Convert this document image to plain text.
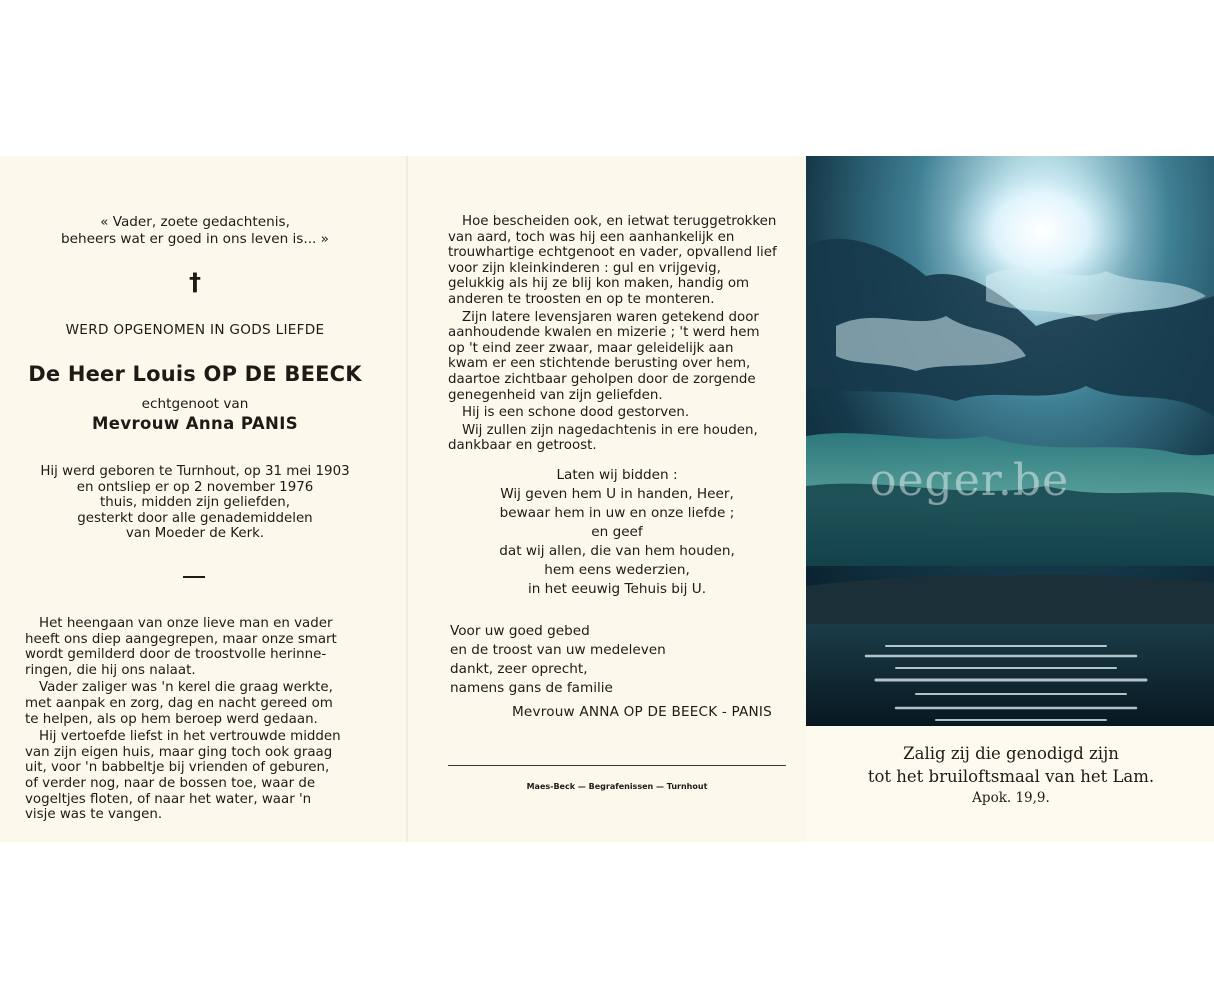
« Vader, zoete gedachtenis,
beheers wat er goed in ons leven is... »
†
WERD OPGENOMEN IN GODS LIEFDE
De Heer Louis OP DE BEECK
echtgenoot van
Mevrouw Anna PANIS
Hij werd geboren te Turnhout, op 31 mei 1903
en ontsliep er op 2 november 1976
thuis, midden zijn geliefden,
gesterkt door alle genademiddelen
van Moeder de Kerk.
Het heengaan van onze lieve man en vader
heeft ons diep aangegrepen, maar onze smart
wordt gemilderd door de troostvolle herinne-
ringen, die hij ons nalaat.
Vader zaliger was 'n kerel die graag werkte,
met aanpak en zorg, dag en nacht gereed om
te helpen, als op hem beroep werd gedaan.
Hij vertoefde liefst in het vertrouwde midden
van zijn eigen huis, maar ging toch ook graag
uit, voor 'n babbeltje bij vrienden of geburen,
of verder nog, naar de bossen toe, waar de
vogeltjes floten, of naar het water, waar 'n
visje was te vangen.
Hoe bescheiden ook, en ietwat teruggetrokken
van aard, toch was hij een aanhankelijk en
trouwhartige echtgenoot en vader, opvallend lief
voor zijn kleinkinderen : gul en vrijgevig,
gelukkig als hij ze blij kon maken, handig om
anderen te troosten en op te monteren.
Zijn latere levensjaren waren getekend door
aanhoudende kwalen en mizerie ; 't werd hem
op 't eind zeer zwaar, maar geleidelijk aan
kwam er een stichtende berusting over hem,
daartoe zichtbaar geholpen door de zorgende
genegenheid van zijn geliefden.
Hij is een schone dood gestorven.
Wij zullen zijn nagedachtenis in ere houden,
dankbaar en getroost.
Laten wij bidden :
Wij geven hem U in handen, Heer,
bewaar hem in uw en onze liefde ;
en geef
dat wij allen, die van hem houden,
hem eens wederzien,
in het eeuwig Tehuis bij U.
Voor uw goed gebed
en de troost van uw medeleven
dankt, zeer oprecht,
namens gans de familie
Mevrouw ANNA OP DE BEECK - PANIS
Maes-Beck — Begrafenissen — Turnhout
Zalig zij die genodigd zijn
tot het bruiloftsmaal van het Lam.
Apok. 19,9.
oeger.be
